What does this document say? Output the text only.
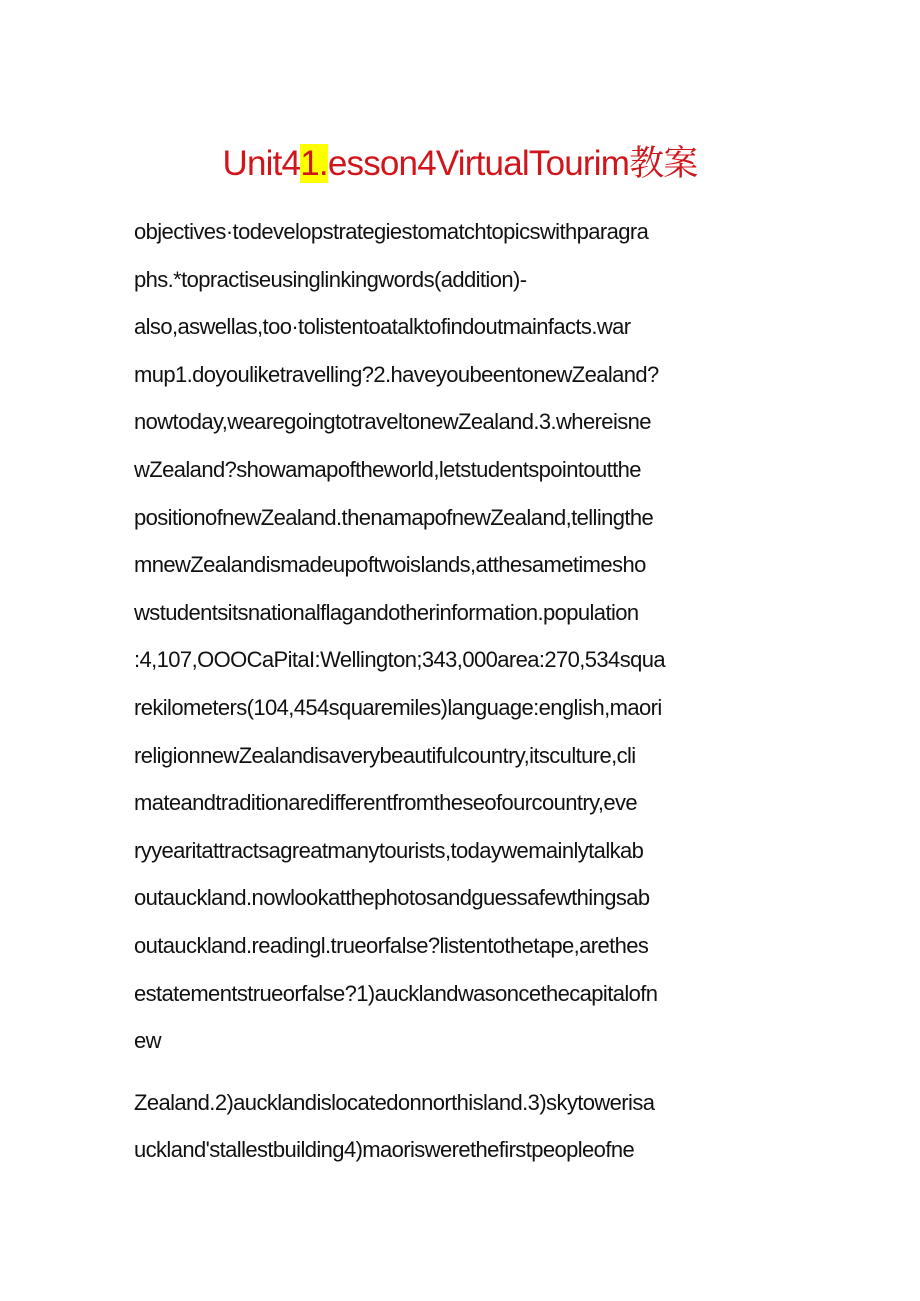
Unit41.esson4VirtualTourim教案
objectives·todevelopstrategiestomatchtopicswithparagra
phs.*topractiseusinglinkingwords(addition)-
also,aswellas,too·tolistentoatalktofindoutmainfacts.war
mup1.doyouliketravelling?2.haveyoubeentonewZealand?
nowtoday,wearegoingtotraveltonewZealand.3.whereisne
wZealand?showamapoftheworld,letstudentspointoutthe
positionofnewZealand.thenamapofnewZealand,tellingthe
mnewZealandismadeupoftwoislands,atthesametimesho
wstudentsitsnationalflagandotherinformation.population
:4,107,OOOCaPitaI:Wellington;343,000area:270,534squa
rekilometers(104,454squaremiles)language:english,maori
religionnewZealandisaverybeautifulcountry,itsculture,cli
mateandtraditionaredifferentfromtheseofourcountry,eve
ryyearitattractsagreatmanytourists,todaywemainlytalkab
outauckland.nowlookatthephotosandguessafewthingsab
outauckland.readingl.trueorfalse?listentothetape,arethes
estatementstrueorfalse?1)aucklandwasoncethecapitalofn
ew
Zealand.2)aucklandislocatedonnorthisland.3)skytowerisa
uckland'stallestbuilding4)maoriswerethefirstpeopleofne
